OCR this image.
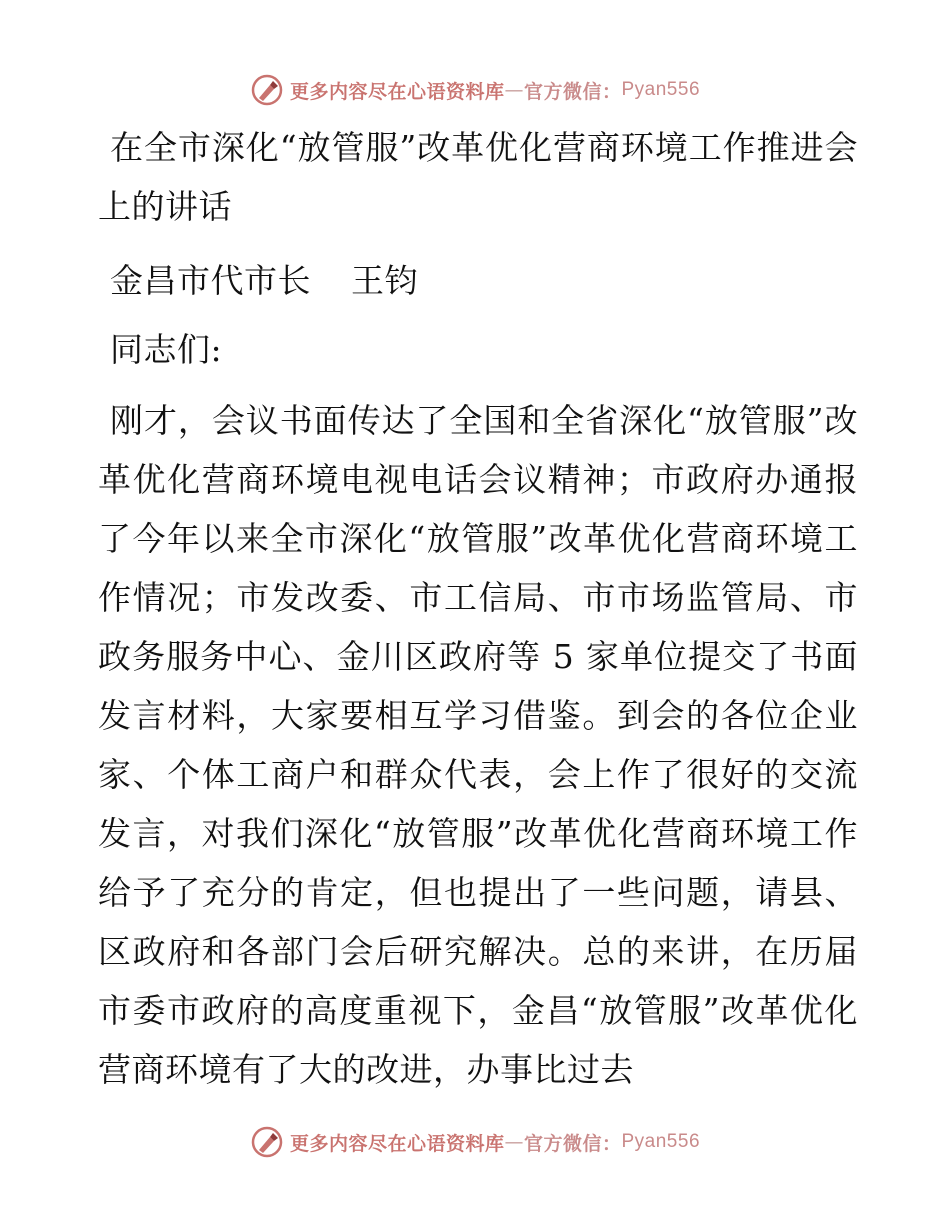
更多内容尽在心语资料库 — 官方微信： Pyan556

在全市深化“放管服”改革优化营商环境工作推进会上的讲话

金昌市代市长 王钧

同志们:

刚才，会议书面传达了全国和全省深化“放管服”改革优化营商环境电视电话会议精神；市政府办通报了今年以来全市深化“放管服”改革优化营商环境工作情况；市发改委、市工信局、市市场监管局、市政务服务中心、金川区政府等 5 家单位提交了书面发言材料，大家要相互学习借鉴。到会的各位企业家、个体工商户和群众代表，会上作了很好的交流发言，对我们深化“放管服”改革优化营商环境工作给予了充分的肯定，但也提出了一些问题，请县、区政府和各部门会后研究解决。总的来讲，在历届市委市政府的高度重视下，金昌“放管服”改革优化营商环境有了大的改进，办事比过去

更多内容尽在心语资料库 — 官方微信： Pyan556
